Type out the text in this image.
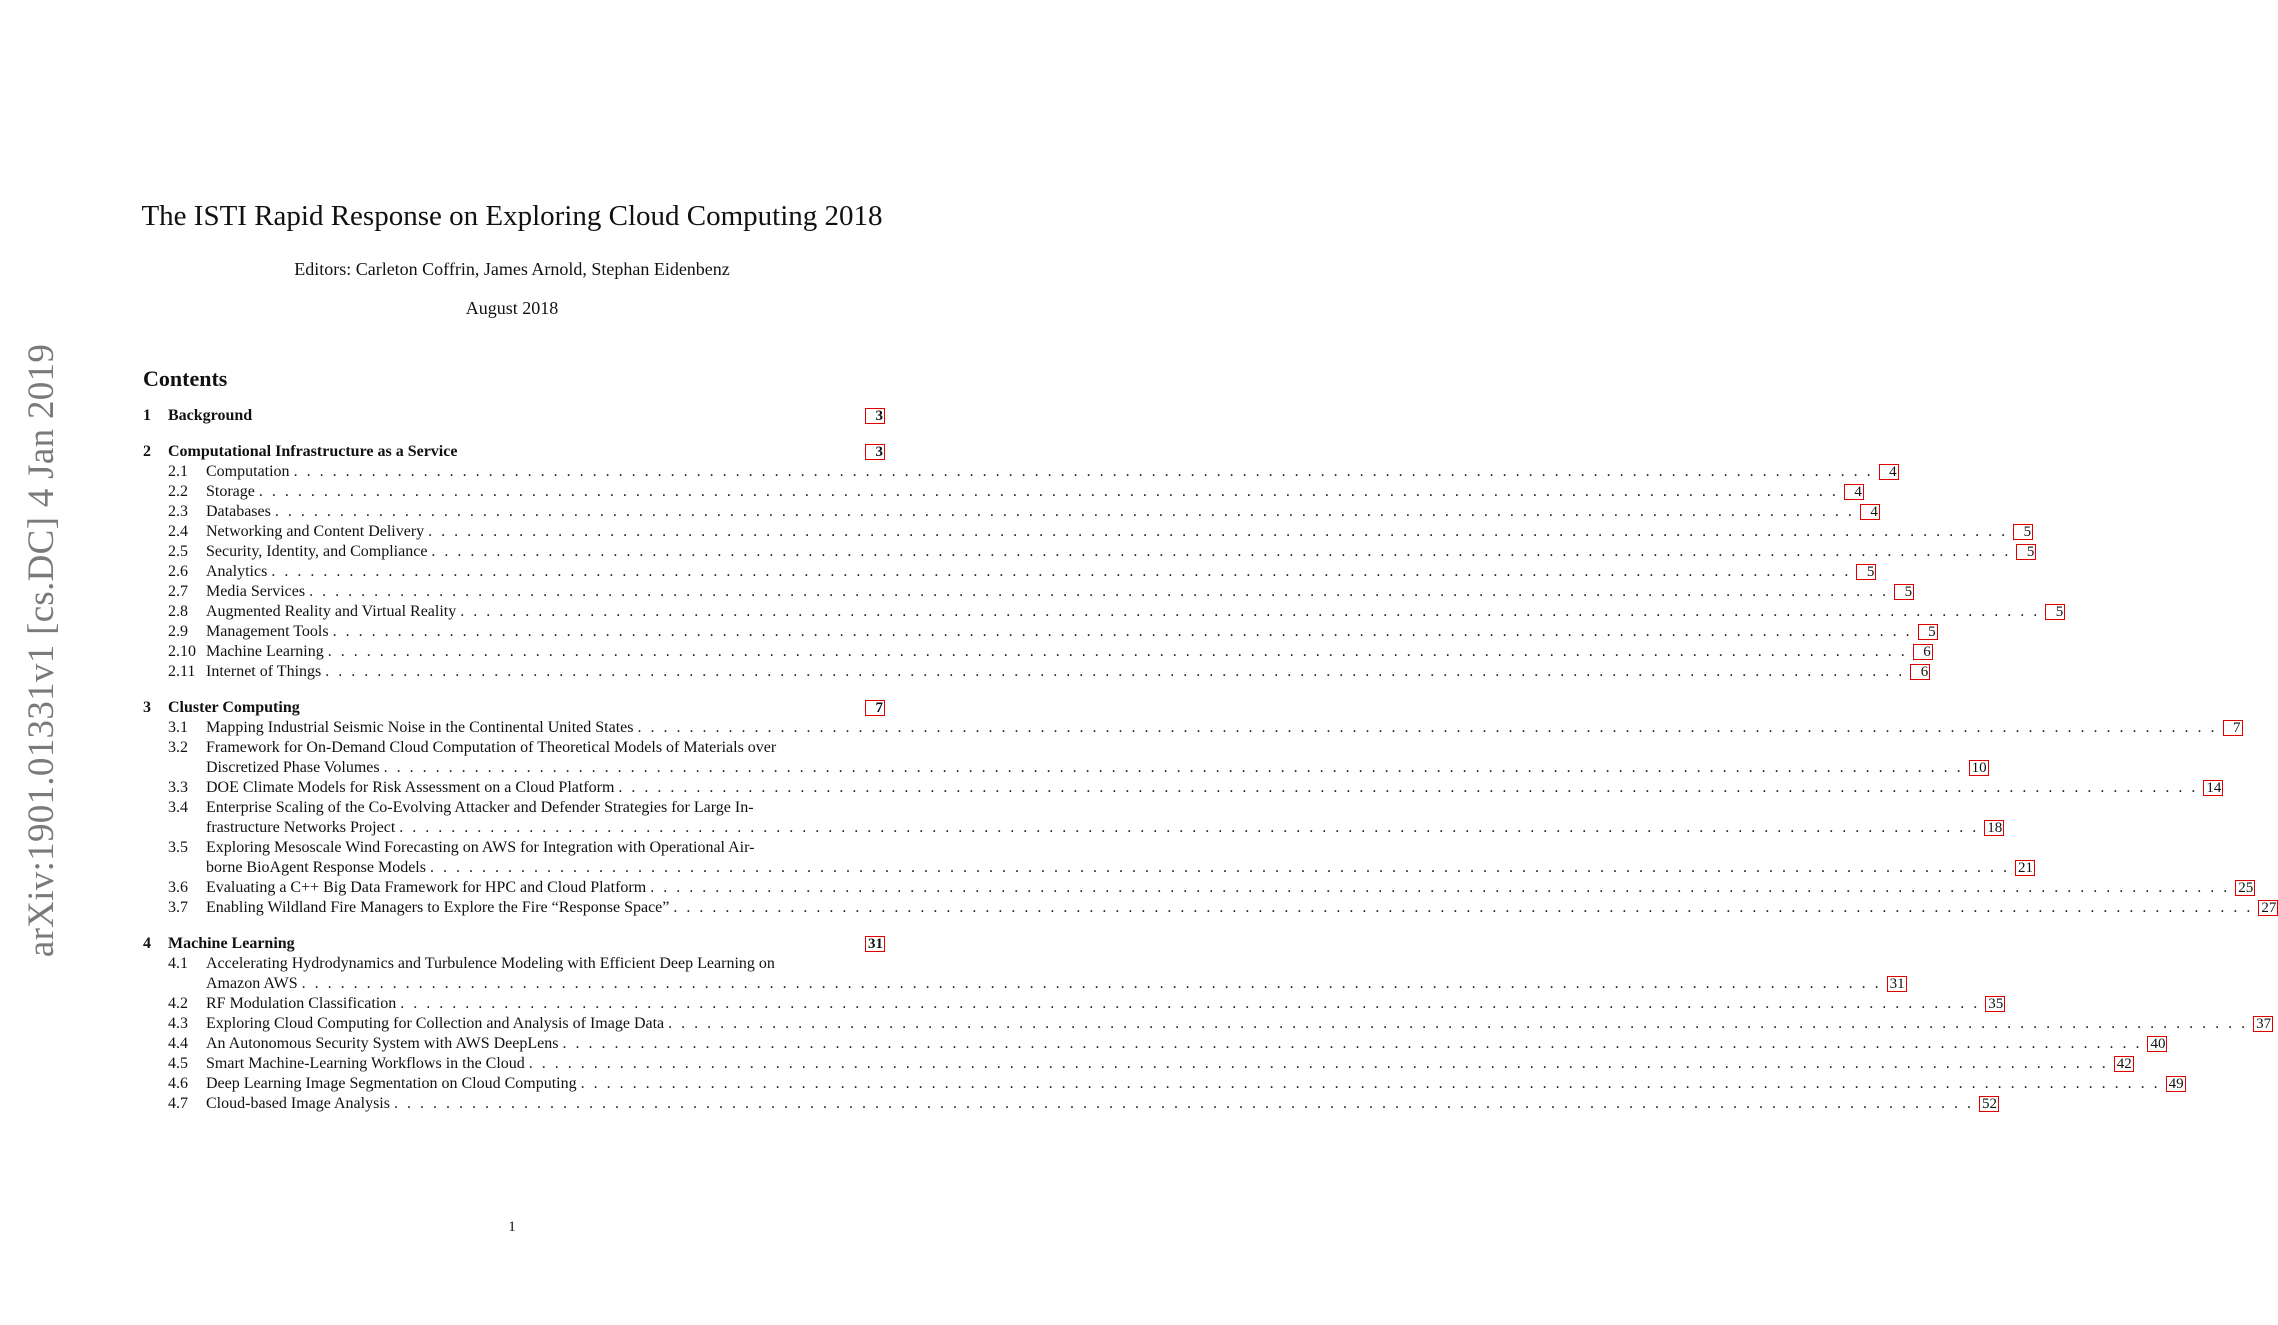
arXiv:1901.01331v1 [cs.DC] 4 Jan 2019
The ISTI Rapid Response on Exploring Cloud Computing 2018
Editors: Carleton Coffrin, James Arnold, Stephan Eidenbenz
August 2018
Contents
1	Background	3
2	Computational Infrastructure as a Service	3
2.1	Computation . . .	4
2.2	Storage . . .	4
2.3	Databases . . .	4
2.4	Networking and Content Delivery . . .	5
2.5	Security, Identity, and Compliance . . .	5
2.6	Analytics . . .	5
2.7	Media Services . . .	5
2.8	Augmented Reality and Virtual Reality . . .	5
2.9	Management Tools . . .	5
2.10 Machine Learning . . .	6
2.11 Internet of Things . . .	6
3	Cluster Computing	7
3.1	Mapping Industrial Seismic Noise in the Continental United States . . .	7
3.2	Framework for On-Demand Cloud Computation of Theoretical Models of Materials over
Discretized Phase Volumes . . .	10
3.3	DOE Climate Models for Risk Assessment on a Cloud Platform . . .	14
3.4	Enterprise Scaling of the Co-Evolving Attacker and Defender Strategies for Large In-
frastructure Networks Project . . .	18
3.5	Exploring Mesoscale Wind Forecasting on AWS for Integration with Operational Air-
borne BioAgent Response Models . . .	21
3.6	Evaluating a C++ Big Data Framework for HPC and Cloud Platform . . .	25
3.7	Enabling Wildland Fire Managers to Explore the Fire “Response Space” . . .	27
4	Machine Learning	31
4.1	Accelerating Hydrodynamics and Turbulence Modeling with Efficient Deep Learning on
Amazon AWS . . .	31
4.2	RF Modulation Classification . . .	35
4.3	Exploring Cloud Computing for Collection and Analysis of Image Data . . .	37
4.4	An Autonomous Security System with AWS DeepLens . . .	40
4.5	Smart Machine-Learning Workflows in the Cloud . . .	42
4.6	Deep Learning Image Segmentation on Cloud Computing . . .	49
4.7	Cloud-based Image Analysis . . .	52
1
